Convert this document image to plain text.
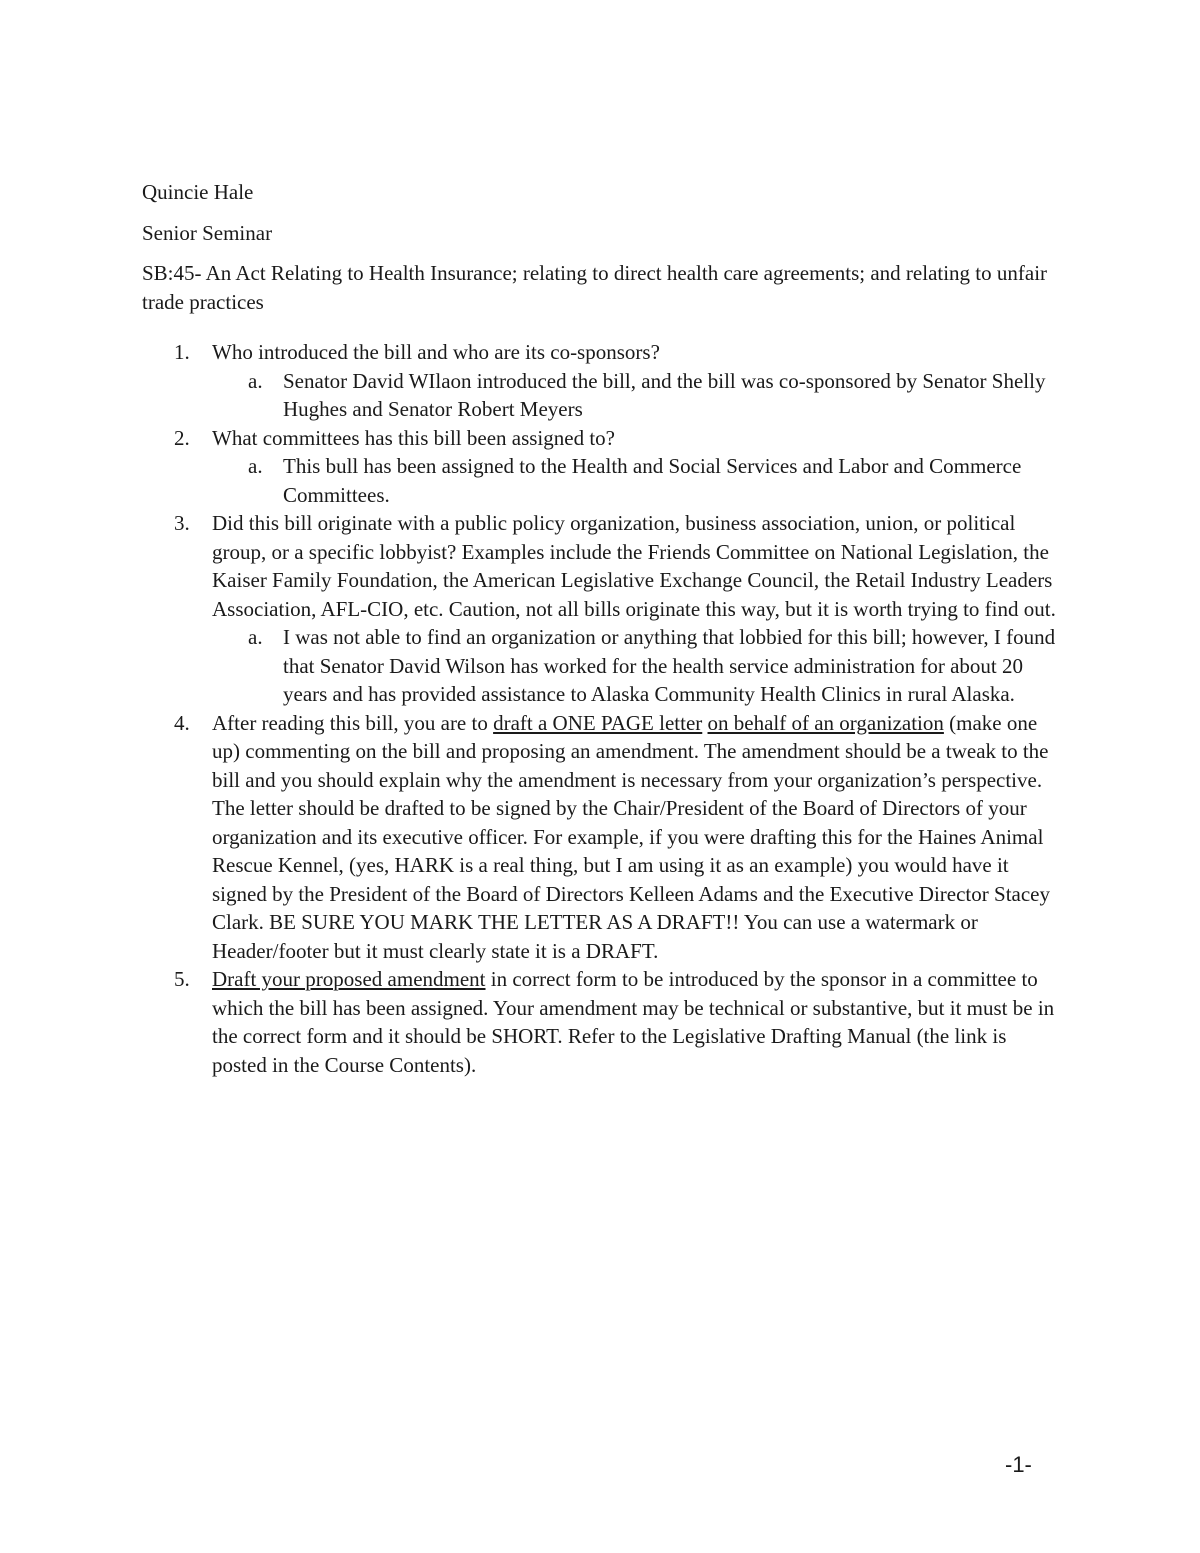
Quincie Hale

Senior Seminar

SB:45- An Act Relating to Health Insurance; relating to direct health care agreements; and relating to unfair trade practices

1. Who introduced the bill and who are its co-sponsors?
a. Senator David WIlaon introduced the bill, and the bill was co-sponsored by Senator Shelly Hughes and Senator Robert Meyers
2. What committees has this bill been assigned to?
a. This bull has been assigned to the Health and Social Services and Labor and Commerce Committees.
3. Did this bill originate with a public policy organization, business association, union, or political group, or a specific lobbyist? Examples include the Friends Committee on National Legislation, the Kaiser Family Foundation, the American Legislative Exchange Council, the Retail Industry Leaders Association, AFL-CIO, etc. Caution, not all bills originate this way, but it is worth trying to find out.
a. I was not able to find an organization or anything that lobbied for this bill; however, I found that Senator David Wilson has worked for the health service administration for about 20 years and has provided assistance to Alaska Community Health Clinics in rural Alaska.
4. After reading this bill, you are to draft a ONE PAGE letter on behalf of an organization (make one up) commenting on the bill and proposing an amendment. The amendment should be a tweak to the bill and you should explain why the amendment is necessary from your organization’s perspective. The letter should be drafted to be signed by the Chair/President of the Board of Directors of your organization and its executive officer. For example, if you were drafting this for the Haines Animal Rescue Kennel, (yes, HARK is a real thing, but I am using it as an example) you would have it signed by the President of the Board of Directors Kelleen Adams and the Executive Director Stacey Clark. BE SURE YOU MARK THE LETTER AS A DRAFT!! You can use a watermark or Header/footer but it must clearly state it is a DRAFT.
5. Draft your proposed amendment in correct form to be introduced by the sponsor in a committee to which the bill has been assigned. Your amendment may be technical or substantive, but it must be in the correct form and it should be SHORT. Refer to the Legislative Drafting Manual (the link is posted in the Course Contents).
-1-
